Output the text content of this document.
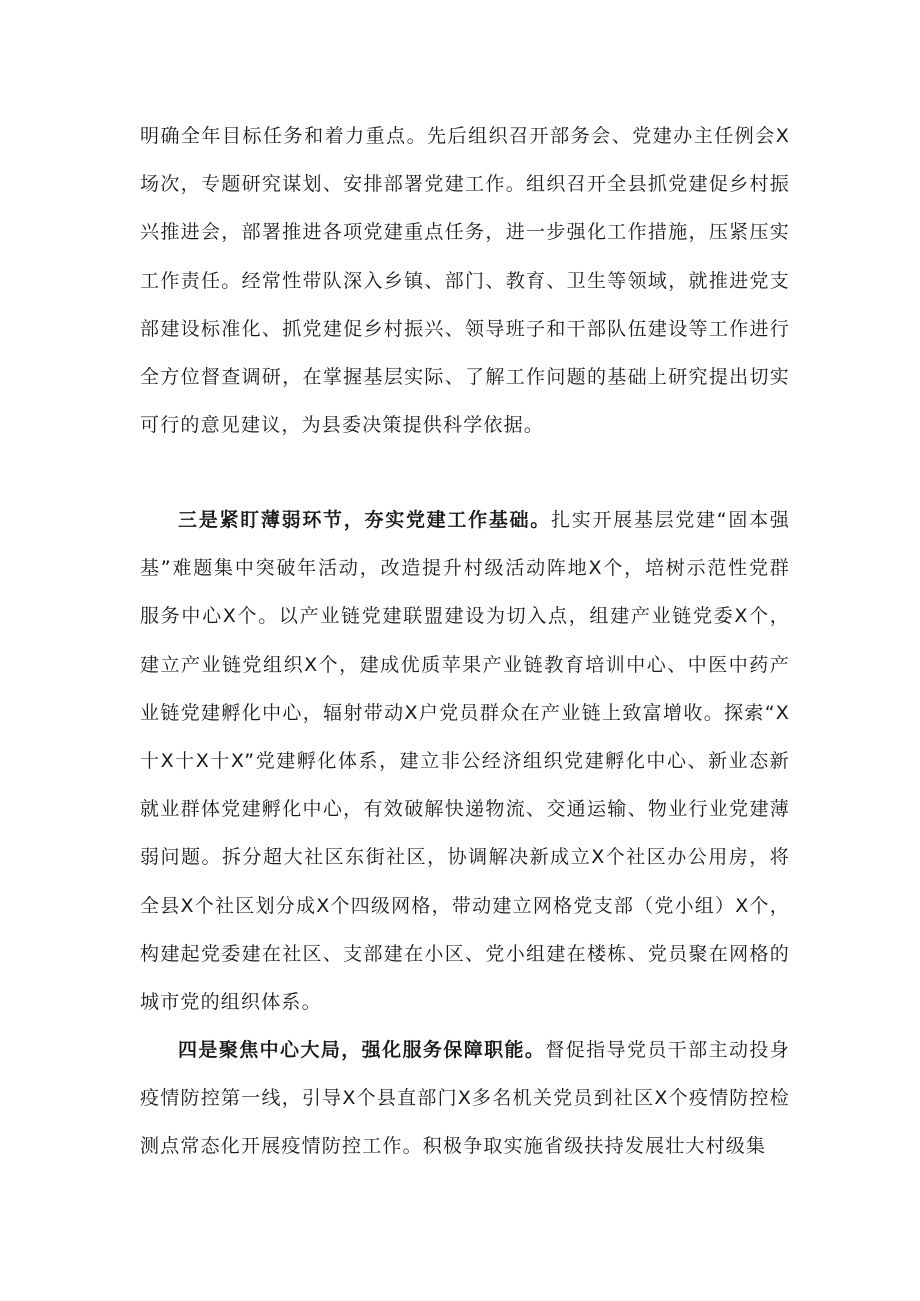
明确全年目标任务和着力重点。先后组织召开部务会、党建办主任例会X场次，专题研究谋划、安排部署党建工作。组织召开全县抓党建促乡村振兴推进会，部署推进各项党建重点任务，进一步强化工作措施，压紧压实工作责任。经常性带队深入乡镇、部门、教育、卫生等领域，就推进党支部建设标准化、抓党建促乡村振兴、领导班子和干部队伍建设等工作进行全方位督查调研，在掌握基层实际、了解工作问题的基础上研究提出切实可行的意见建议，为县委决策提供科学依据。

三是紧盯薄弱环节，夯实党建工作基础。扎实开展基层党建“固本强基”难题集中突破年活动，改造提升村级活动阵地X个，培树示范性党群服务中心X个。以产业链党建联盟建设为切入点，组建产业链党委X个，建立产业链党组织X个，建成优质苹果产业链教育培训中心、中医中药产业链党建孵化中心，辐射带动X户党员群众在产业链上致富增收。探索“X十X十X十X”党建孵化体系，建立非公经济组织党建孵化中心、新业态新就业群体党建孵化中心，有效破解快递物流、交通运输、物业行业党建薄弱问题。拆分超大社区东街社区，协调解决新成立X个社区办公用房，将全县X个社区划分成X个四级网格，带动建立网格党支部（党小组）X个，构建起党委建在社区、支部建在小区、党小组建在楼栋、党员聚在网格的城市党的组织体系。

四是聚焦中心大局，强化服务保障职能。督促指导党员干部主动投身疫情防控第一线，引导X个县直部门X多名机关党员到社区X个疫情防控检测点常态化开展疫情防控工作。积极争取实施省级扶持发展壮大村级集
